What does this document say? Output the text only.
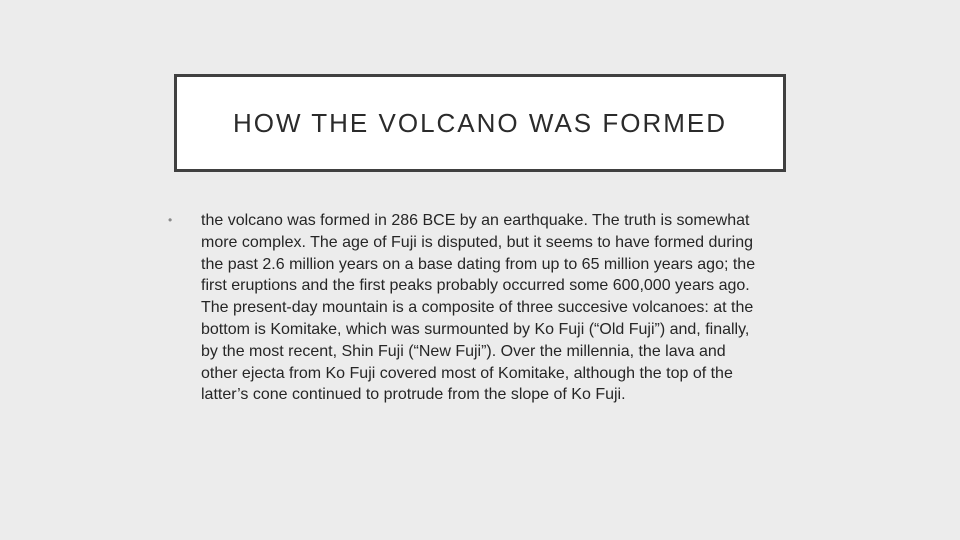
HOW THE VOLCANO WAS FORMED
•	the volcano was formed in 286 BCE by an earthquake. The truth is somewhat more complex. The age of Fuji is disputed, but it seems to have formed during the past 2.6 million years on a base dating from up to 65 million years ago; the first eruptions and the first peaks probably occurred some 600,000 years ago. The present-day mountain is a composite of three succesive volcanoes: at the bottom is Komitake, which was surmounted by Ko Fuji (“Old Fuji”) and, finally, by the most recent, Shin Fuji (“New Fuji”). Over the millennia, the lava and other ejecta from Ko Fuji covered most of Komitake, although the top of the latter’s cone continued to protrude from the slope of Ko Fuji.
